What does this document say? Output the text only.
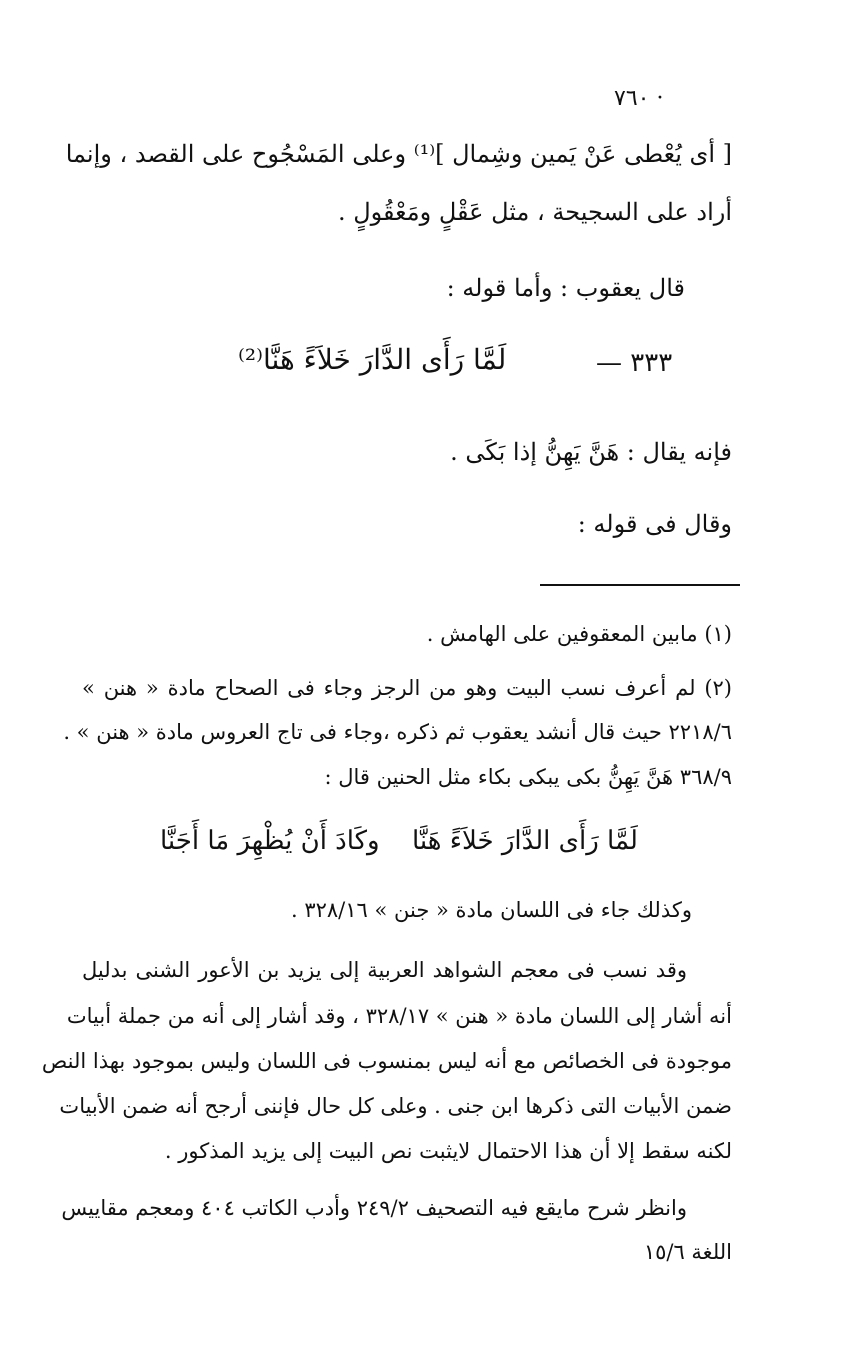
· ٧٦٠
[ أى يُعْطى عَنْ يَمين وشِمال ]⁽¹⁾ وعلى المَسْجُوح على القصد ، وإنما
أراد على السجيحة ، مثل عَقْلٍ ومَعْقُولٍ .
قال يعقوب : وأما قوله :
٣٣٣ —
لَمَّا رَأَى الدَّارَ خَلاَءً هَنَّا⁽²⁾
فإنه يقال : هَنَّ يَهِنُّ إذا بَكَى .
وقال فى قوله :
(١) مابين المعقوفين على الهامش .
(٢) لم أعرف نسب البيت وهو من الرجز وجاء فى الصحاح مادة « هنن »
٢٢١٨/٦ حيث قال أنشد يعقوب ثم ذكره ،وجاء فى تاج العروس مادة « هنن » .
٣٦٨/٩ هَنَّ يَهِنُّ بكى يبكى بكاء مثل الحنين قال :
لَمَّا رَأَى الدَّارَ خَلاَءً هَنَّا
وكَادَ أَنْ يُظْهِرَ مَا أَجَنَّا
وكذلك جاء فى اللسان مادة « جنن » ٣٢٨/١٦ .
وقد نسب فى معجم الشواهد العربية إلى يزيد بن الأعور الشنى بدليل
أنه أشار إلى اللسان مادة « هنن » ٣٢٨/١٧ ، وقد أشار إلى أنه من جملة أبيات
موجودة فى الخصائص مع أنه ليس بمنسوب فى اللسان وليس بموجود بهذا النص
ضمن الأبيات التى ذكرها ابن جنى . وعلى كل حال فإننى أرجح أنه ضمن الأبيات
لكنه سقط إلا أن هذا الاحتمال لايثبت نص البيت إلى يزيد المذكور .
وانظر شرح مايقع فيه التصحيف ٢٤٩/٢ وأدب الكاتب ٤٠٤ ومعجم مقاييس
اللغة ١٥/٦
